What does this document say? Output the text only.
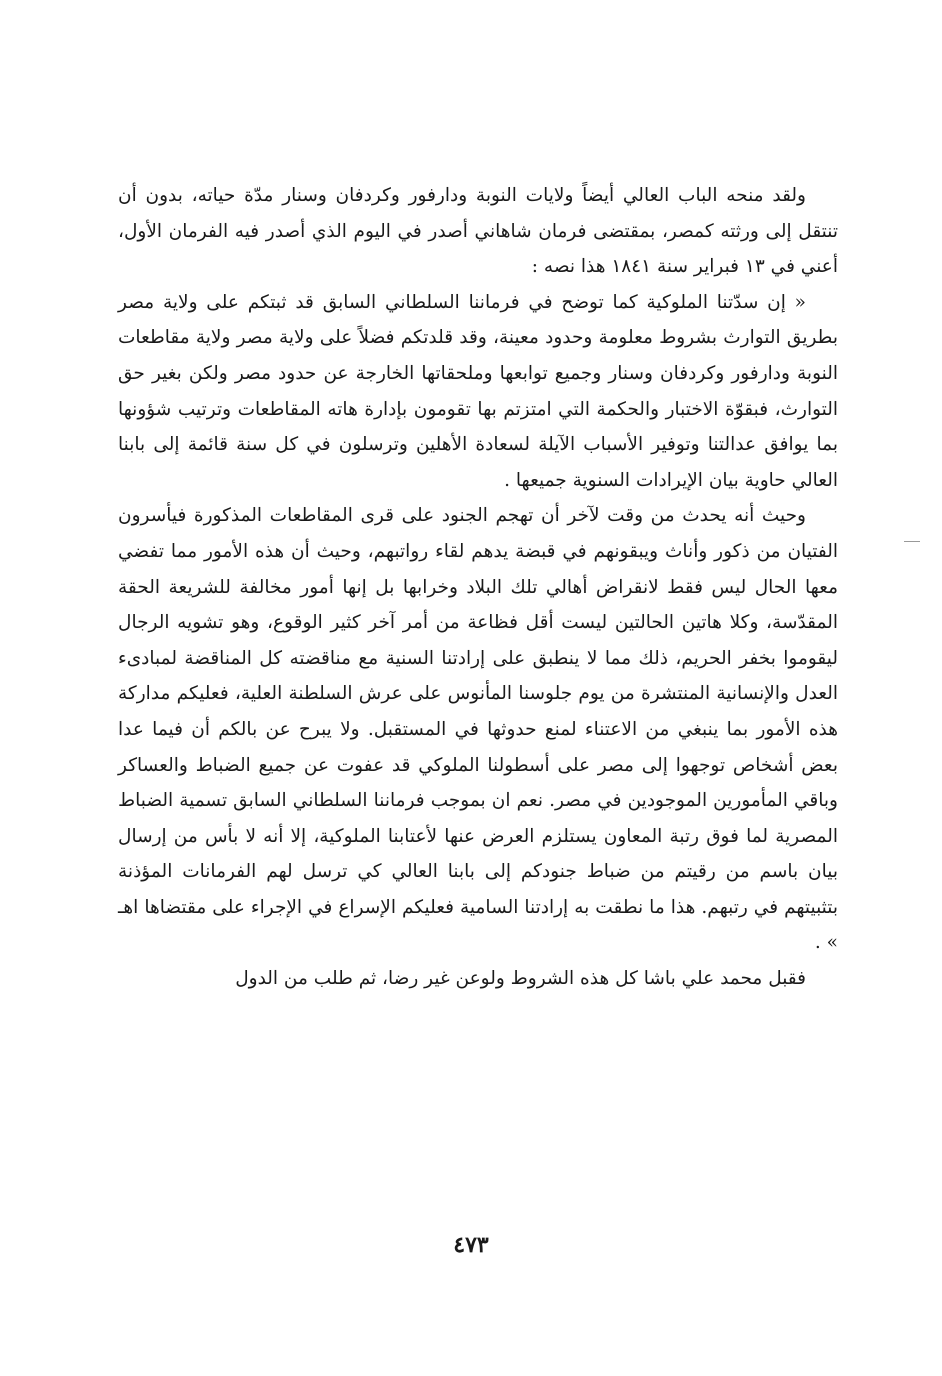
ولقد منحه الباب العالي أيضاً ولايات النوبة ودارفور وكردفان وسنار مدّة حياته، بدون أن تنتقل إلى ورثته كمصر، بمقتضى فرمان شاهاني أصدر في اليوم الذي أصدر فيه الفرمان الأول، أعني في ١٣ فبراير سنة ١٨٤١ هذا نصه :

« إن سدّتنا الملوكية كما توضح في فرماننا السلطاني السابق قد ثبتكم على ولاية مصر بطريق التوارث بشروط معلومة وحدود معينة، وقد قلدتكم فضلاً على ولاية مصر ولاية مقاطعات النوبة ودارفور وكردفان وسنار وجميع توابعها وملحقاتها الخارجة عن حدود مصر ولكن بغير حق التوارث، فبقوّة الاختبار والحكمة التي امتزتم بها تقومون بإدارة هاته المقاطعات وترتيب شؤونها بما يوافق عدالتنا وتوفير الأسباب الآيلة لسعادة الأهلين وترسلون في كل سنة قائمة إلى بابنا العالي حاوية بيان الإيرادات السنوية جميعها .

وحيث أنه يحدث من وقت لآخر أن تهجم الجنود على قرى المقاطعات المذكورة فيأسرون الفتيان من ذكور وأناث ويبقونهم في قبضة يدهم لقاء رواتبهم، وحيث أن هذه الأمور مما تفضي معها الحال ليس فقط لانقراض أهالي تلك البلاد وخرابها بل إنها أمور مخالفة للشريعة الحقة المقدّسة، وكلا هاتين الحالتين ليست أقل فظاعة من أمر آخر كثير الوقوع، وهو تشويه الرجال ليقوموا بخفر الحريم، ذلك مما لا ينطبق على إرادتنا السنية مع مناقضته كل المناقضة لمبادىء العدل والإنسانية المنتشرة من يوم جلوسنا المأنوس على عرش السلطنة العلية، فعليكم مداركة هذه الأمور بما ينبغي من الاعتناء لمنع حدوثها في المستقبل. ولا يبرح عن بالكم أن فيما عدا بعض أشخاص توجهوا إلى مصر على أسطولنا الملوكي قد عفوت عن جميع الضباط والعساكر وباقي المأمورين الموجودين في مصر. نعم ان بموجب فرماننا السلطاني السابق تسمية الضباط المصرية لما فوق رتبة المعاون يستلزم العرض عنها لأعتابنا الملوكية، إلا أنه لا بأس من إرسال بيان باسم من رقيتم من ضباط جنودكم إلى بابنا العالي كي ترسل لهم الفرمانات المؤذنة بتثبيتهم في رتبهم. هذا ما نطقت به إرادتنا السامية فعليكم الإسراع في الإجراء على مقتضاها اهـ » .

فقبل محمد علي باشا كل هذه الشروط ولوعن غير رضا، ثم طلب من الدول

٤٧٣
